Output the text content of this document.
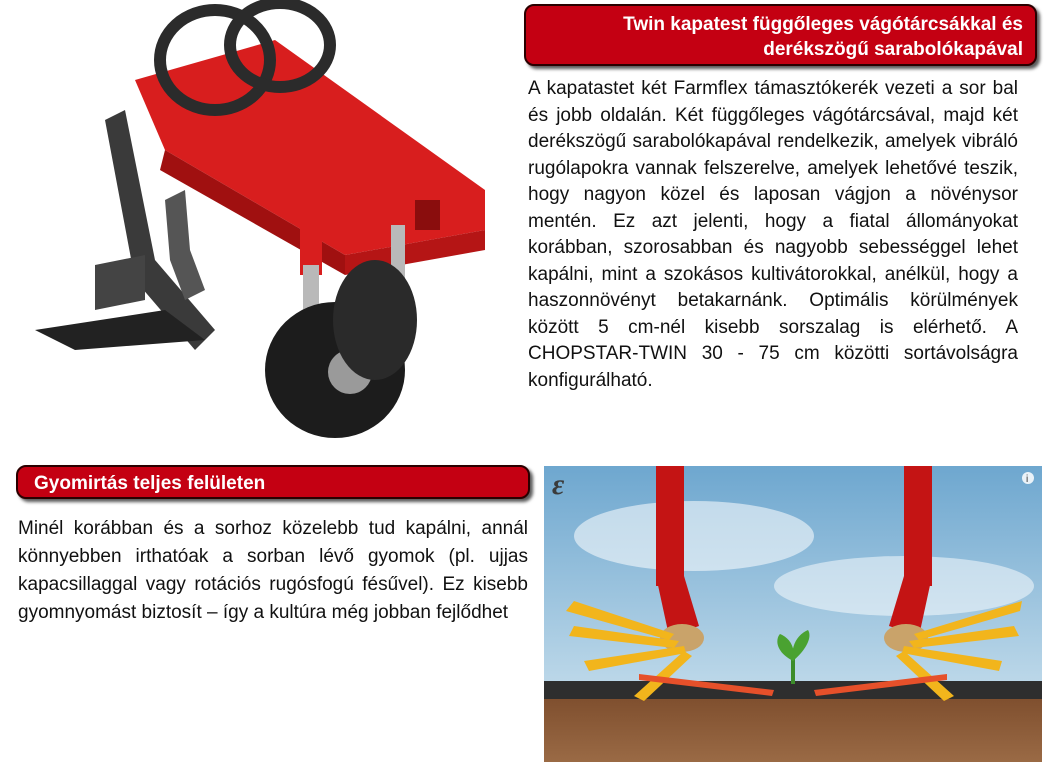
Twin kapatest függőleges vágótárcsákkal és
derékszögű sarabolókapával
A kapatastet két Farmflex támasztókerék vezeti a sor bal és jobb oldalán. Két függőleges vágótárcsával, majd két derékszögű sarabolókapával rendelkezik, amelyek vibráló rugólapokra vannak felszerelve, amelyek lehetővé teszik, hogy nagyon közel és laposan vágjon a növénysor mentén. Ez azt jelenti, hogy a fiatal állományokat korábban, szorosabban és nagyobb sebességgel lehet kapálni, mint a szokásos kultivátorokkal, anélkül, hogy a haszonnövényt betakarnánk. Optimális körülmények között 5 cm-nél kisebb sorszalag is elérhető. A CHOPSTAR-TWIN 30 - 75 cm közötti sortávolságra konfigurálható.
Gyomirtás teljes felületen
Minél korábban és a sorhoz közelebb tud kapálni, annál könnyebben irthatóak a sorban lévő gyomok (pl. ujjas kapacsillaggal vagy rotációs rugósfogú fésűvel). Ez kisebb gyomnyomást biztosít – így a kultúra még jobban fejlődhet
ε	i
